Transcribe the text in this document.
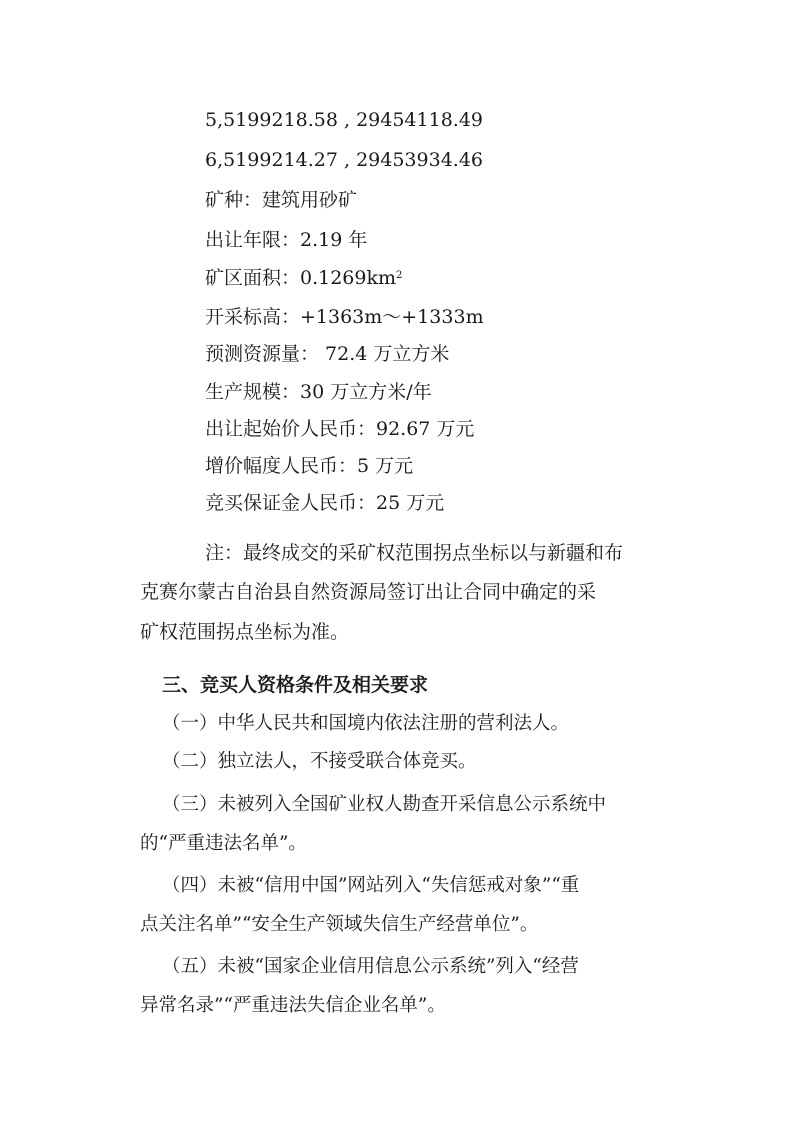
5,5199218.58 , 29454118.49
6,5199214.27 , 29453934.46
矿种：建筑用砂矿
出让年限：2.19 年
矿区面积：$0.1269km^2$
开采标高：+1363m～+1333m
预测资源量： 72.4 万立方米
生产规模：30 万立方米/年
出让起始价人民币：92.67 万元
增价幅度人民币：5 万元
竞买保证金人民币：25 万元
注：最终成交的采矿权范围拐点坐标以与新疆和布
克赛尔蒙古自治县自然资源局签订出让合同中确定的采
矿权范围拐点坐标为准。
三、竞买人资格条件及相关要求
（一）中华人民共和国境内依法注册的营利法人。
（二）独立法人，不接受联合体竞买。
（三）未被列入全国矿业权人勘查开采信息公示系统中
的“严重违法名单”。
（四）未被“信用中国”网站列入“失信惩戒对象”“重
点关注名单”“安全生产领域失信生产经营单位”。
（五）未被“国家企业信用信息公示系统”列入“经营
异常名录”“严重违法失信企业名单”。
